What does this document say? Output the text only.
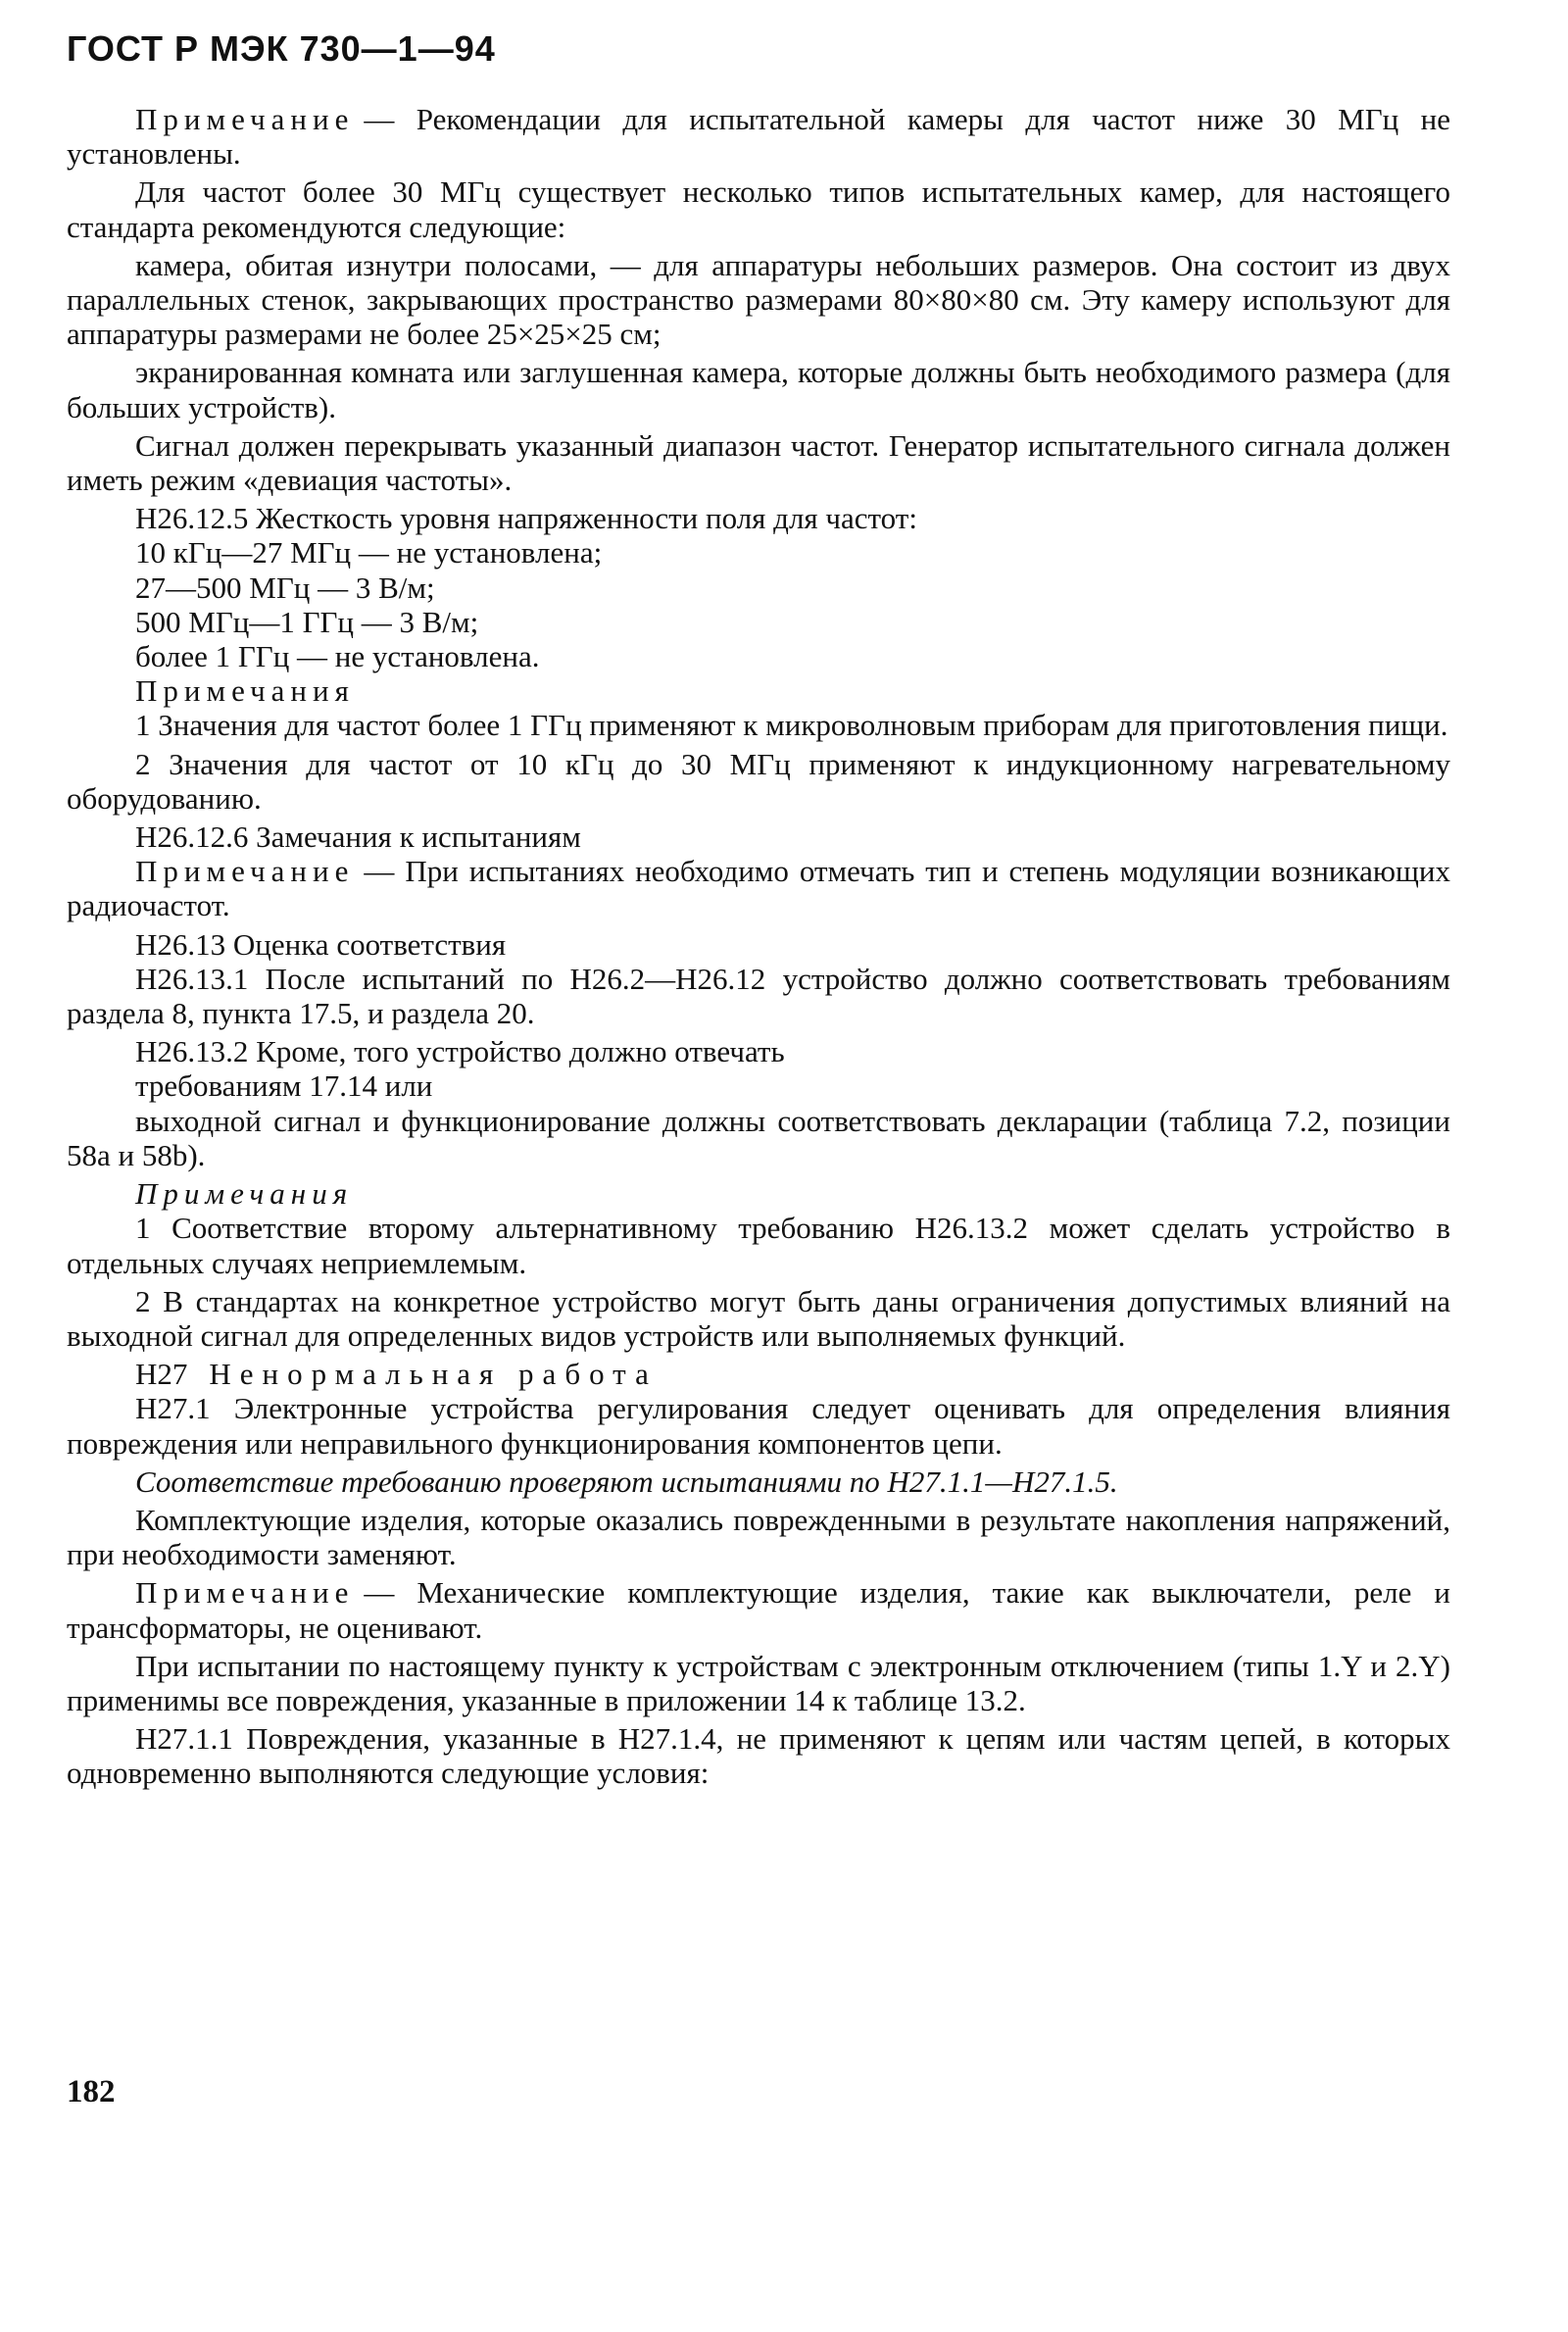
ГОСТ Р МЭК 730—1—94
Примечание — Рекомендации для испытательной камеры для частот ниже 30 МГц не установлены.
Для частот более 30 МГц существует несколько типов испытательных камер, для настоящего стандарта рекомендуются следующие:
камера, обитая изнутри полосами, — для аппаратуры небольших размеров. Она состоит из двух параллельных стенок, закрывающих пространство размерами 80×80×80 см. Эту камеру используют для аппаратуры размерами не более 25×25×25 см;
экранированная комната или заглушенная камера, которые должны быть необходимого размера (для больших устройств).
Сигнал должен перекрывать указанный диапазон частот. Генератор испытательного сигнала должен иметь режим «девиация частоты».
Н26.12.5 Жесткость уровня напряженности поля для частот:
10 кГц—27 МГц — не установлена;
27—500 МГц — 3 В/м;
500 МГц—1 ГГц — 3 В/м;
более 1 ГГц — не установлена.
Примечания
1 Значения для частот более 1 ГГц применяют к микроволновым приборам для приготовления пищи.
2 Значения для частот от 10 кГц до 30 МГц применяют к индукционному нагревательному оборудованию.
Н26.12.6 Замечания к испытаниям
Примечание — При испытаниях необходимо отмечать тип и степень модуляции возникающих радиочастот.
Н26.13 Оценка соответствия
Н26.13.1 После испытаний по Н26.2—Н26.12 устройство должно соответствовать требованиям раздела 8, пункта 17.5, и раздела 20.
Н26.13.2 Кроме, того устройство должно отвечать
требованиям 17.14 или
выходной сигнал и функционирование должны соответствовать декларации (таблица 7.2, позиции 58а и 58b).
Примечания
1 Соответствие второму альтернативному требованию Н26.13.2 может сделать устройство в отдельных случаях неприемлемым.
2 В стандартах на конкретное устройство могут быть даны ограничения допустимых влияний на выходной сигнал для определенных видов устройств или выполняемых функций.
Н27 Ненормальная работа
Н27.1 Электронные устройства регулирования следует оценивать для определения влияния повреждения или неправильного функционирования компонентов цепи.
Соответствие требованию проверяют испытаниями по Н27.1.1—Н27.1.5.
Комплектующие изделия, которые оказались поврежденными в результате накопления напряжений, при необходимости заменяют.
Примечание — Механические комплектующие изделия, такие как выключатели, реле и трансформаторы, не оценивают.
При испытании по настоящему пункту к устройствам с электронным отключением (типы 1.Y и 2.Y) применимы все повреждения, указанные в приложении 14 к таблице 13.2.
Н27.1.1 Повреждения, указанные в Н27.1.4, не применяют к цепям или частям цепей, в которых одновременно выполняются следующие условия:
182
